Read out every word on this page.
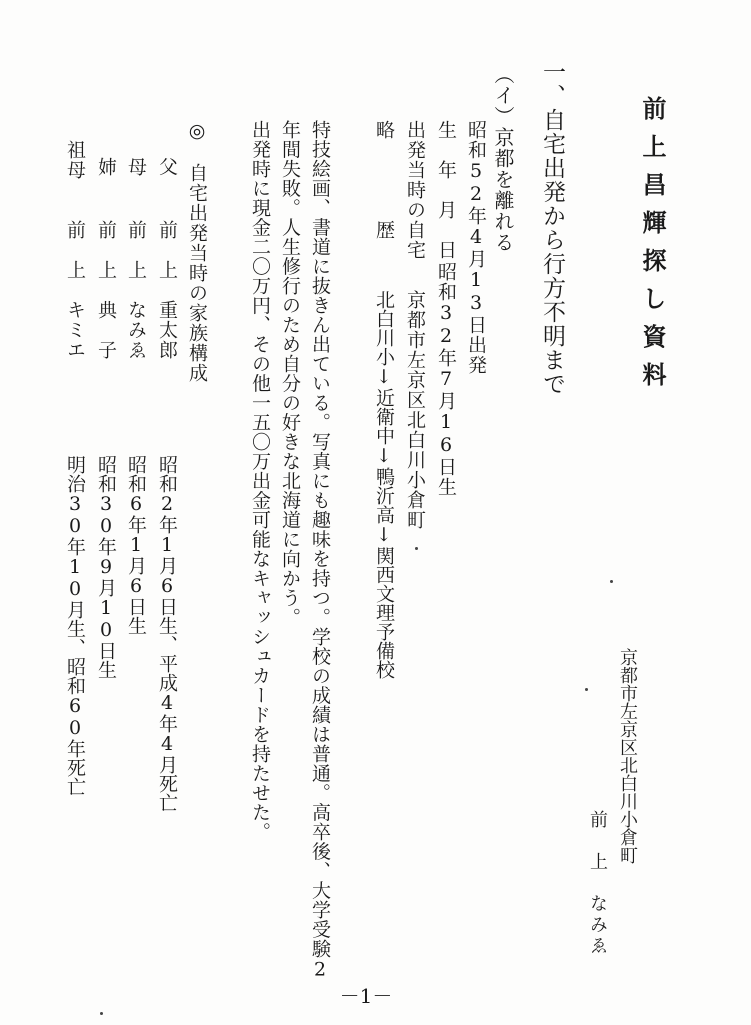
前上昌輝探し資料
京都市左京区北白川小倉町
前　上　なみゑ
一、自宅出発から行方不明まで
（イ）京都を離れる
昭和52年4月13日出発
生　年　月　日
昭和32年7月16日生
出発当時の自宅
京都市左京区北白川小倉町
略　　　　歴
北白川小↓近衛中↓鴨沂高↓関西文理予備校
特技絵画、書道に抜きん出ている。写真にも趣味を持つ。学校の成績は普通。高卒後、大学受験2
年間失敗。人生修行のため自分の好きな北海道に向かう。
出発時に現金二〇万円、その他一五〇万出金可能なキャッシュカードを持たせた。
◎　自宅出発当時の家族構成
父
前　上　重太郎
昭和2年1月6日生、平成4年4月死亡
母
前　上　なみゑ
昭和6年1月6日生
姉
前　上　典　子
昭和30年9月10日生
祖母
前　上　キミエ
明治30年10月生、昭和60年死亡
－1－
